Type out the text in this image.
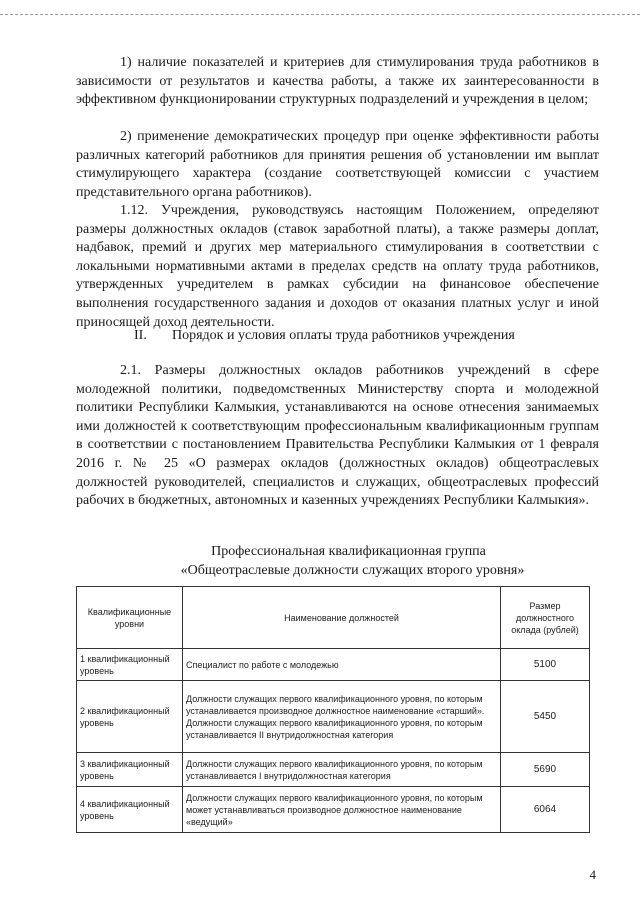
1) наличие показателей и критериев для стимулирования труда работников в зависимости от результатов и качества работы, а также их заинтересованности в эффективном функционировании структурных подразделений и учреждения в целом;
2) применение демократических процедур при оценке эффективности работы различных категорий работников для принятия решения об установлении им выплат стимулирующего характера (создание соответствующей комиссии с участием представительного органа работников).
1.12. Учреждения, руководствуясь настоящим Положением, определяют размеры должностных окладов (ставок заработной платы), а также размеры доплат, надбавок, премий и других мер материального стимулирования в соответствии с локальными нормативными актами в пределах средств на оплату труда работников, утвержденных учредителем в рамках субсидии на финансовое обеспечение выполнения государственного задания и доходов от оказания платных услуг и иной приносящей доход деятельности.
II. Порядок и условия оплаты труда работников учреждения
2.1. Размеры должностных окладов работников учреждений в сфере молодежной политики, подведомственных Министерству спорта и молодежной политики Республики Калмыкия, устанавливаются на основе отнесения занимаемых ими должностей к соответствующим профессиональным квалификационным группам в соответствии с постановлением Правительства Республики Калмыкия от 1 февраля 2016 г. № 25 «О размерах окладов (должностных окладов) общеотраслевых должностей руководителей, специалистов и служащих, общеотраслевых профессий рабочих в бюджетных, автономных и казенных учреждениях Республики Калмыкия».
Профессиональная квалификационная группа
«Общеотраслевые должности служащих второго уровня»
Квалификационные уровни	Наименование должностей	Размер должностного оклада (рублей)
1 квалификационный уровень	Специалист по работе с молодежью	5100
2 квалификационный уровень	Должности служащих первого квалификационного уровня, по которым устанавливается производное должностное наименование «старший».
Должности служащих первого квалификационного уровня, по которым устанавливается II внутридолжностная категория	5450
3 квалификационный уровень	Должности служащих первого квалификационного уровня, по которым устанавливается I внутридолжностная категория	5690
4 квалификационный уровень	Должности служащих первого квалификационного уровня, по которым может устанавливаться производное должностное наименование «ведущий»	6064
4
